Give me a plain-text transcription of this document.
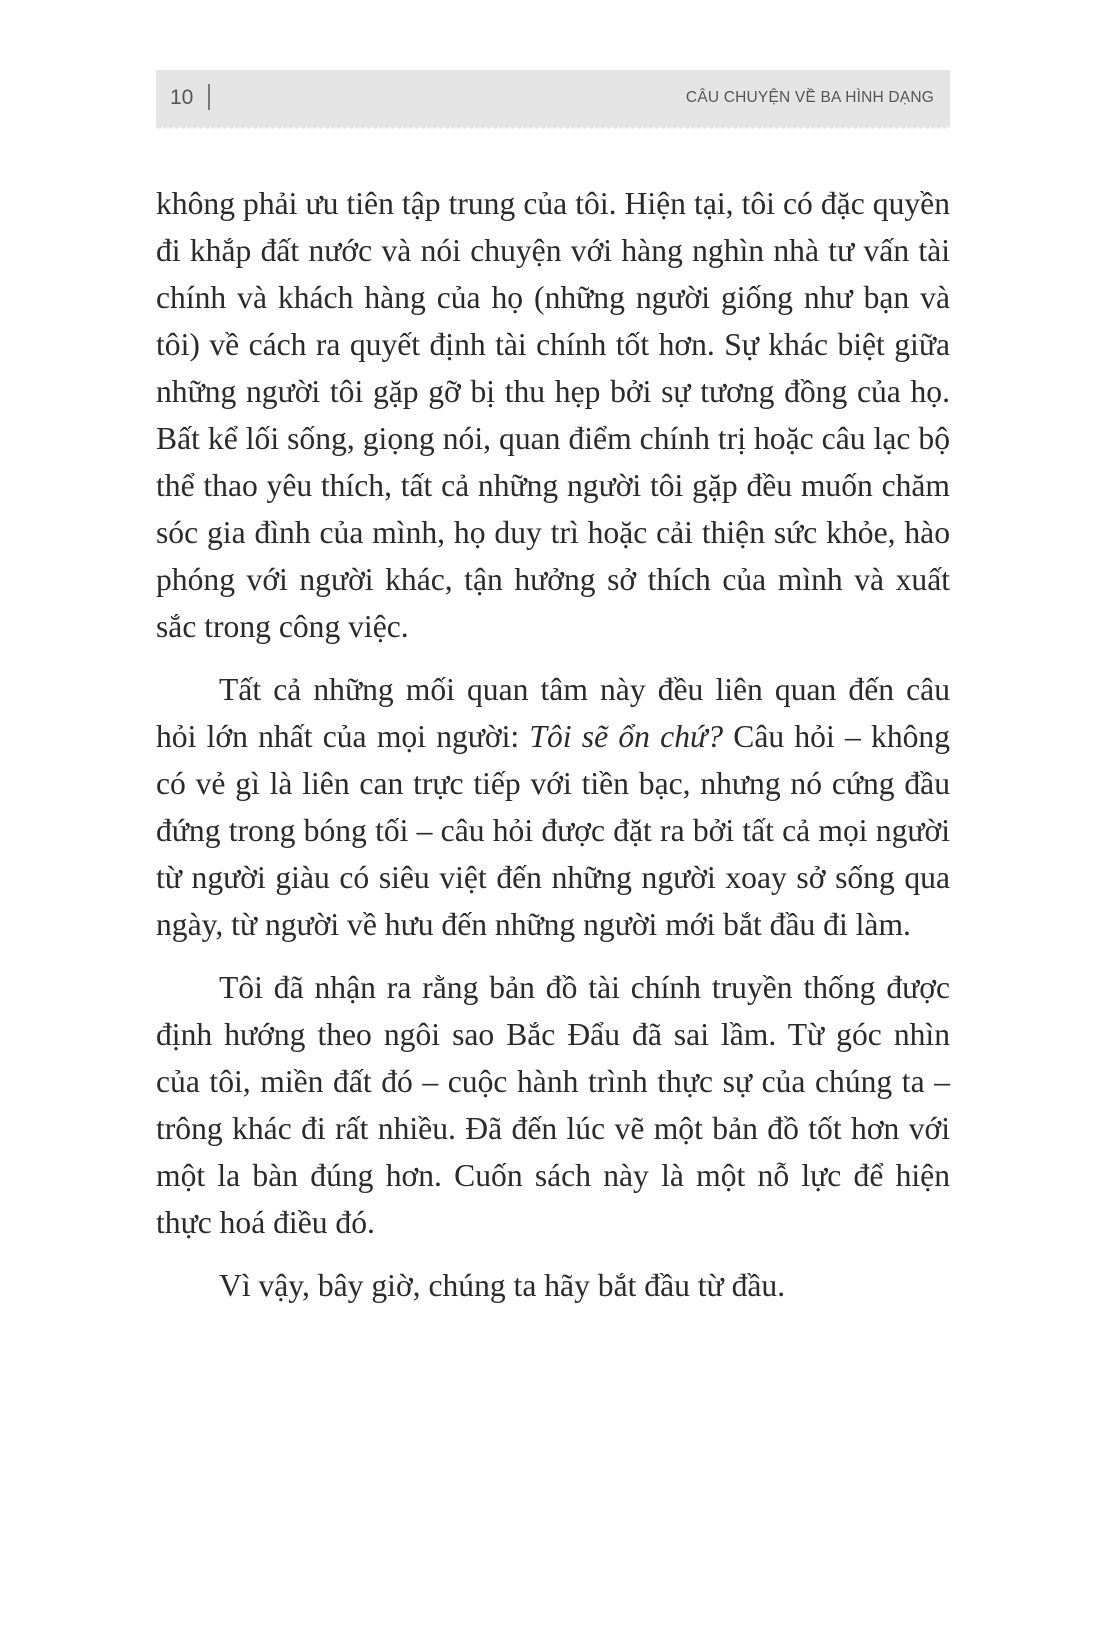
10	CÂU CHUYỆN VỀ BA HÌNH DẠNG

không phải ưu tiên tập trung của tôi. Hiện tại, tôi có đặc quyền đi khắp đất nước và nói chuyện với hàng nghìn nhà tư vấn tài chính và khách hàng của họ (những người giống như bạn và tôi) về cách ra quyết định tài chính tốt hơn. Sự khác biệt giữa những người tôi gặp gỡ bị thu hẹp bởi sự tương đồng của họ. Bất kể lối sống, giọng nói, quan điểm chính trị hoặc câu lạc bộ thể thao yêu thích, tất cả những người tôi gặp đều muốn chăm sóc gia đình của mình, họ duy trì hoặc cải thiện sức khỏe, hào phóng với người khác, tận hưởng sở thích của mình và xuất sắc trong công việc.

Tất cả những mối quan tâm này đều liên quan đến câu hỏi lớn nhất của mọi người: Tôi sẽ ổn chứ? Câu hỏi – không có vẻ gì là liên can trực tiếp với tiền bạc, nhưng nó cứng đầu đứng trong bóng tối – câu hỏi được đặt ra bởi tất cả mọi người từ người giàu có siêu việt đến những người xoay sở sống qua ngày, từ người về hưu đến những người mới bắt đầu đi làm.

Tôi đã nhận ra rằng bản đồ tài chính truyền thống được định hướng theo ngôi sao Bắc Đẩu đã sai lầm. Từ góc nhìn của tôi, miền đất đó – cuộc hành trình thực sự của chúng ta – trông khác đi rất nhiều. Đã đến lúc vẽ một bản đồ tốt hơn với một la bàn đúng hơn. Cuốn sách này là một nỗ lực để hiện thực hoá điều đó.

Vì vậy, bây giờ, chúng ta hãy bắt đầu từ đầu.
